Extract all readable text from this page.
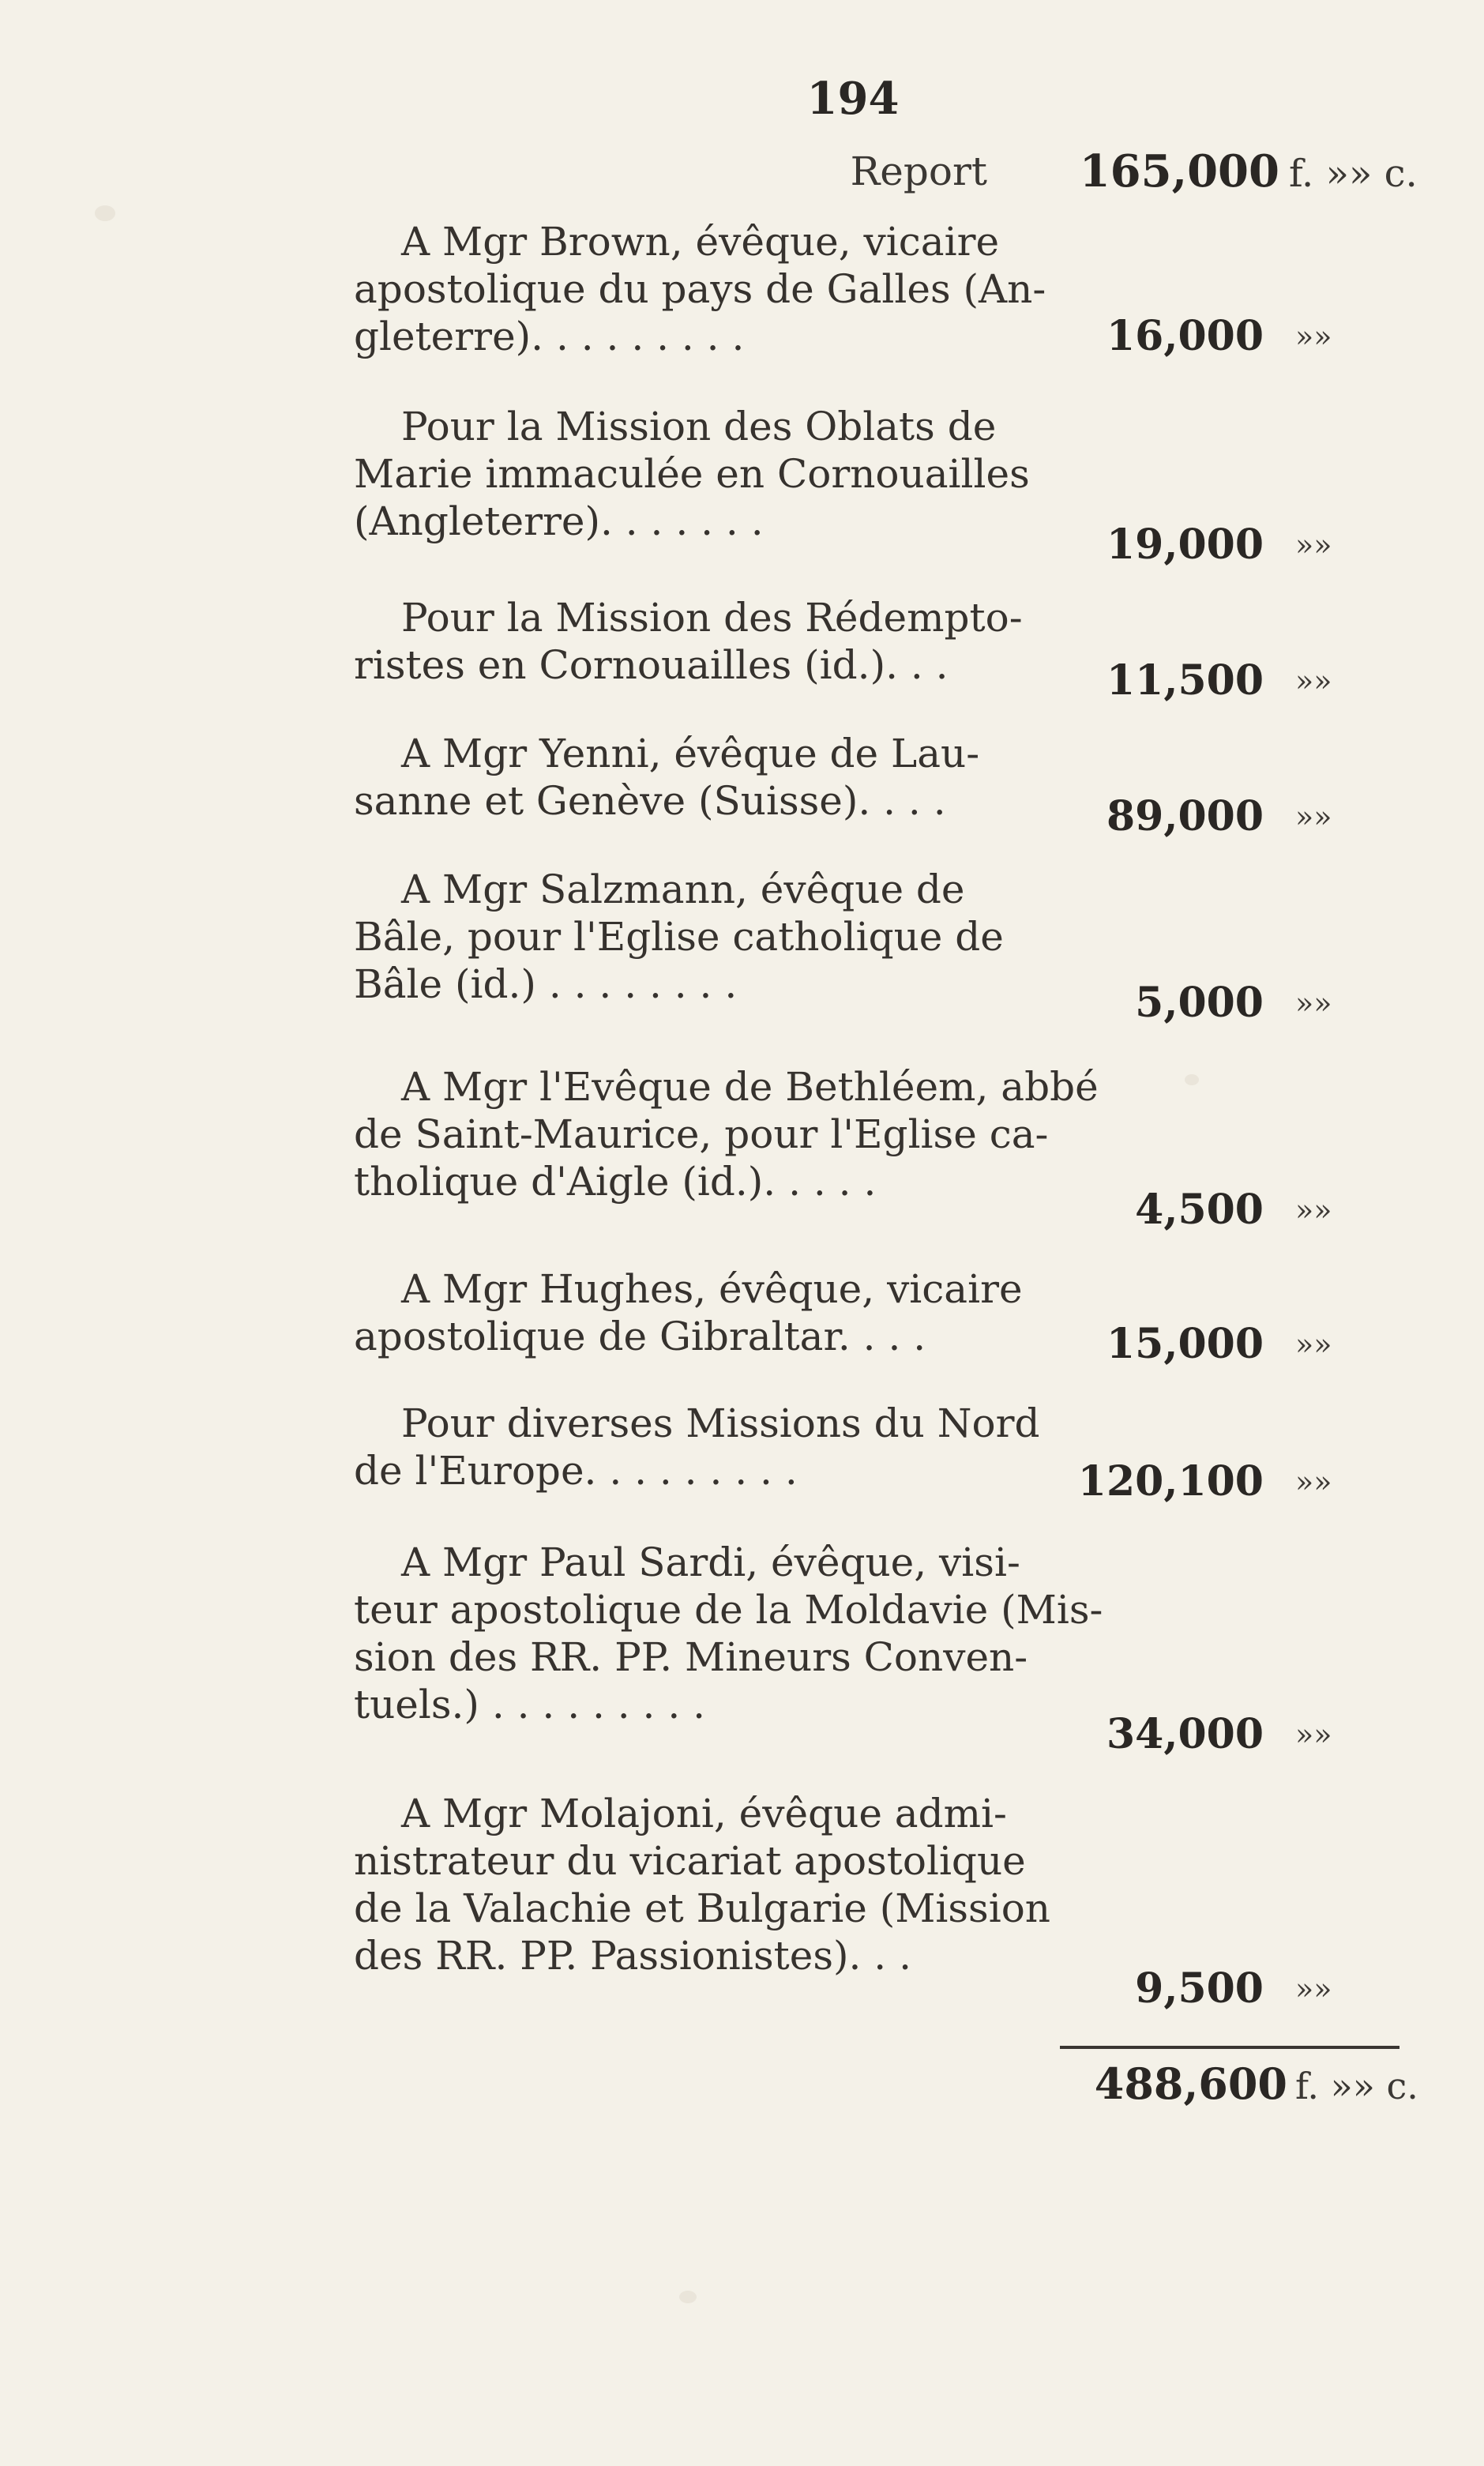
194
Report	165,000 f. »» c.
A Mgr Brown, évêque, vicaire
apostolique du pays de Galles (An-
gleterre). . . . . . . . .	16,000 »»
Pour la Mission des Oblats de
Marie immaculée en Cornouailles
(Angleterre). . . . . . .	19,000 »»
Pour la Mission des Rédempto-
ristes en Cornouailles (id.). . .	11,500 »»
A Mgr Yenni, évêque de Lau-
sanne et Genève (Suisse). . . .	89,000 »»
A Mgr Salzmann, évêque de
Bâle, pour l'Eglise catholique de
Bâle (id.) . . . . . . . .	5,000 »»
A Mgr l'Evêque de Bethléem, abbé
de Saint-Maurice, pour l'Eglise ca-
tholique d'Aigle (id.). . . . .
4,500 »»
A Mgr Hughes, évêque, vicaire
apostolique de Gibraltar. . . .	15,000 »»
Pour diverses Missions du Nord
de l'Europe. . . . . . . . .	120,100 »»
A Mgr Paul Sardi, évêque, visi-
teur apostolique de la Moldavie (Mis-
sion des RR. PP. Mineurs Conven-
tuels.) . . . . . . . . .
34,000 »»
A Mgr Molajoni, évêque admi-
nistrateur du vicariat apostolique
de la Valachie et Bulgarie (Mission
des RR. PP. Passionistes). . .
9,500 »»
488,600 f. »» c.
